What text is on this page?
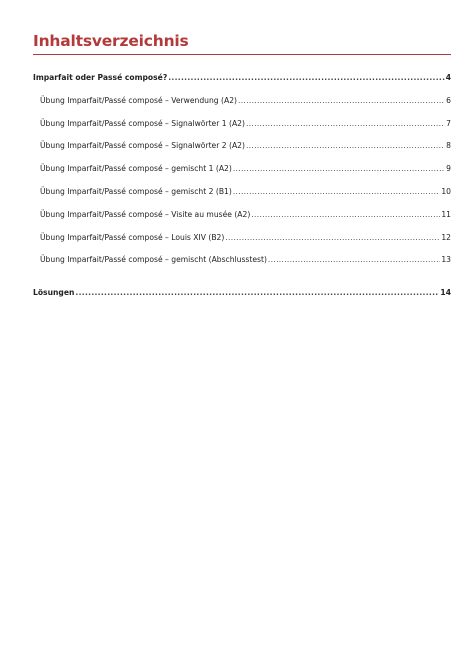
Inhaltsverzeichnis
Imparfait oder Passé composé? .....	4
Übung Imparfait/Passé composé – Verwendung (A2) .....	6
Übung Imparfait/Passé composé – Signalwörter 1 (A2) .....	7
Übung Imparfait/Passé composé – Signalwörter 2 (A2) .....	8
Übung Imparfait/Passé composé – gemischt 1 (A2) .....	9
Übung Imparfait/Passé composé – gemischt 2 (B1) .....	10
Übung Imparfait/Passé composé – Visite au musée (A2) .....	11
Übung Imparfait/Passé composé – Louis XIV (B2) .....	12
Übung Imparfait/Passé composé – gemischt (Abschlusstest) .....	13
Lösungen .....	14
